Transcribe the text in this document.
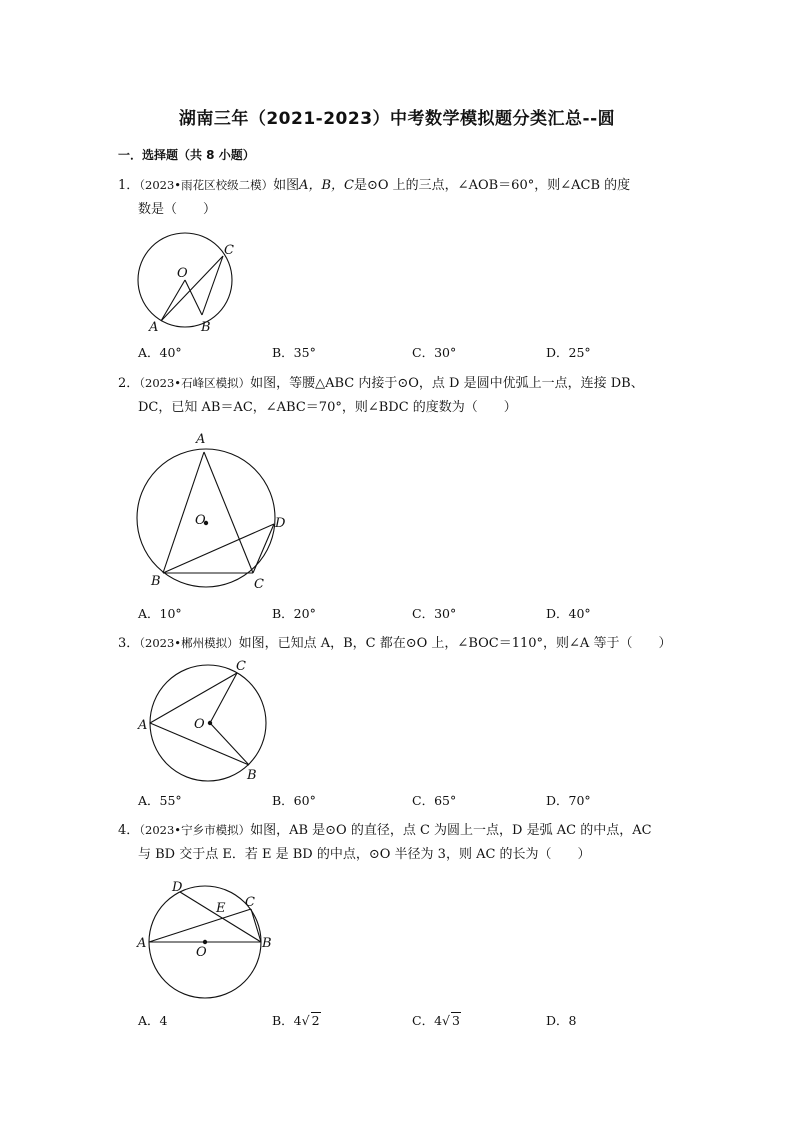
湖南三年（2021-2023）中考数学模拟题分类汇总--圆
一．选择题（共 8 小题）
1．（2023•雨花区校级二模）如图A，B，C是⊙O 上的三点，∠AOB＝60°，则∠ACB 的度
数是（　　）
O
A	B
C
A．40°	B．35°	C．30°	D．25°
2．（2023•石峰区模拟）如图，等腰△ABC 内接于⊙O，点 D 是圆中优弧上一点，连接 DB、
DC，已知 AB＝AC，∠ABC＝70°，则∠BDC 的度数为（　　）
O
A
B	C
D
A．10°	B．20°	C．30°	D．40°
3．（2023•郴州模拟）如图，已知点 A，B，C 都在⊙O 上，∠BOC＝110°，则∠A 等于（　　）
O
A
B
C
A．55°	B．60°	C．65°	D．70°
4．（2023•宁乡市模拟）如图，AB 是⊙O 的直径，点 C 为圆上一点，D 是弧 AC 的中点，AC
与 BD 交于点 E．若 E 是 BD 的中点，⊙O 半径为 3，则 AC 的长为（　　）
O
A	B
C
D
E
A．4	B．4√ 2	C．4√ 3	D．8
